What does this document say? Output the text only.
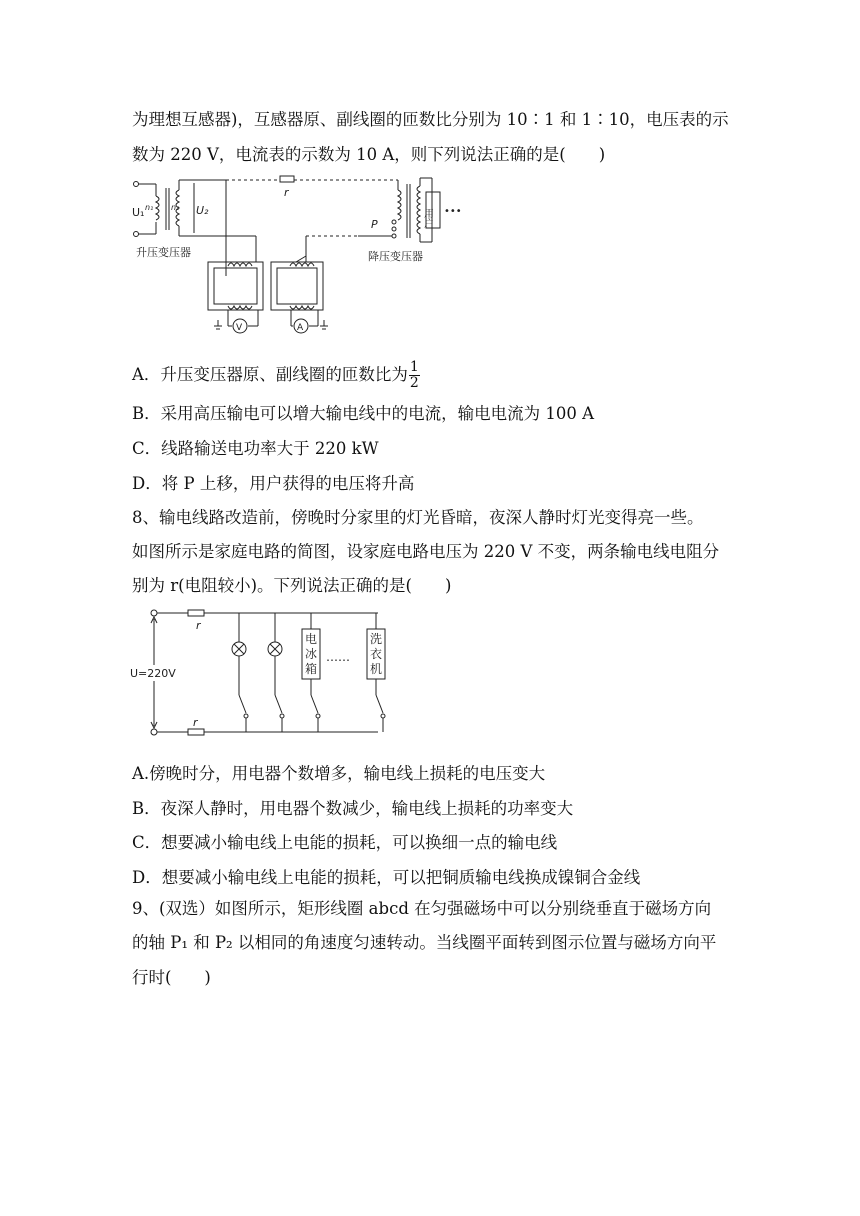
为理想互感器)，互感器原、副线圈的匝数比分别为 10∶1 和 1∶10，电压表的示
数为 220 V，电流表的示数为 10 A，则下列说法正确的是(　　)
U₁ n₁ n₂ U₂
r
P	用户 •••
升压变压器	降压变压器
V	A
A．升压变压器原、副线圈的匝数比为 $\frac{1}{2}$
B．采用高压输电可以增大输电线中的电流，输电电流为 100 A
C．线路输送电功率大于 220 kW
D．将 P 上移，用户获得的电压将升高
8、输电线路改造前，傍晚时分家里的灯光昏暗，夜深人静时灯光变得亮一些。
如图所示是家庭电路的简图，设家庭电路电压为 220 V 不变，两条输电线电阻分
别为 r(电阻较小)。下列说法正确的是(　　)
r
r
U=220V
电
冰
箱
洗
衣
机
……
A.傍晚时分，用电器个数增多，输电线上损耗的电压变大
B．夜深人静时，用电器个数减少，输电线上损耗的功率变大
C．想要减小输电线上电能的损耗，可以换细一点的输电线
D．想要减小输电线上电能的损耗，可以把铜质输电线换成镍铜合金线
9、(双选）如图所示，矩形线圈 abcd 在匀强磁场中可以分别绕垂直于磁场方向
的轴 P₁ 和 P₂ 以相同的角速度匀速转动。当线圈平面转到图示位置与磁场方向平
行时(　　)
